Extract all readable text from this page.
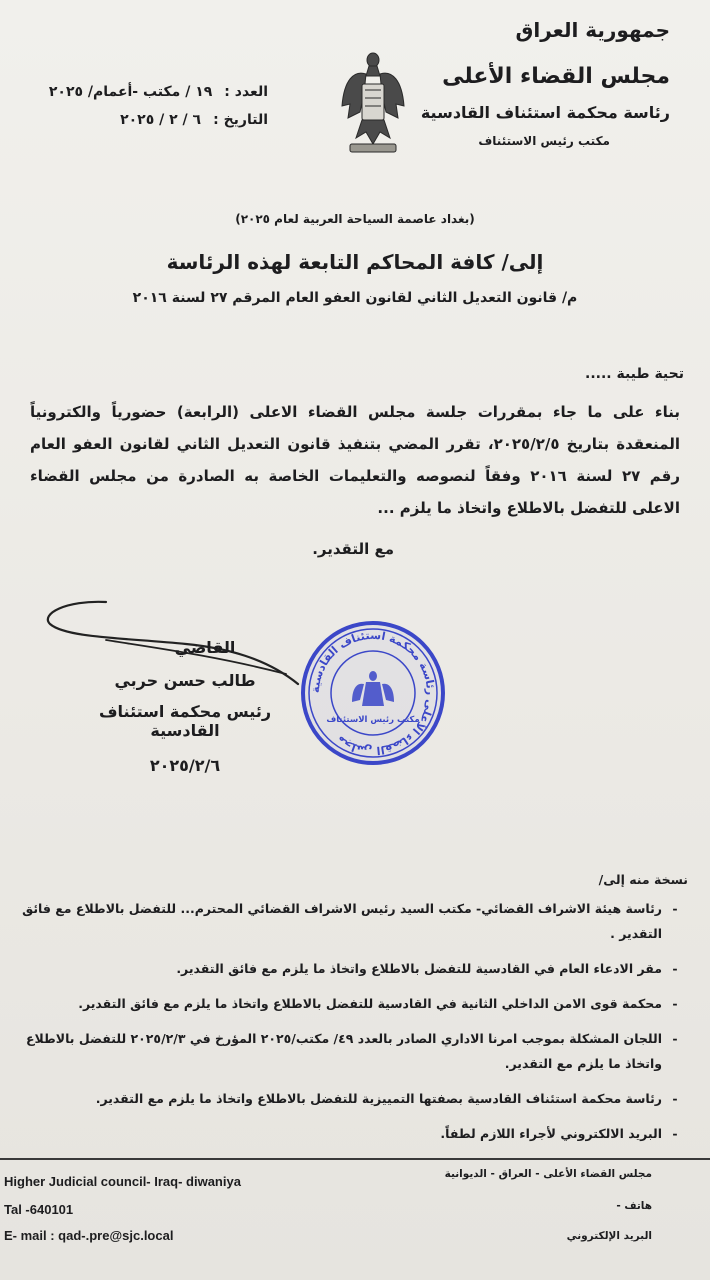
جمهورية العراق
مجلس القضاء الأعلى
رئاسة محكمة استئناف القادسية
مكتب رئيس الاستئناف
العدد :
١٩ / مكتب -أعمام/ ٢٠٢٥
التاريخ :
٦ / ٢ / ٢٠٢٥
(بغداد عاصمة السياحة العربية لعام ٢٠٢٥)
إلى/ كافة المحاكم التابعة لهذه الرئاسة
م/ قانون التعديل الثاني لقانون العفو العام المرقم ٢٧ لسنة ٢٠١٦
تحية طيبة .....
بناء على ما جاء بمقررات جلسة مجلس القضاء الاعلى (الرابعة) حضورياً والكترونياً المنعقدة بتاريخ ٢٠٢٥/٢/٥، تقرر المضي بتنفيذ قانون التعديل الثاني لقانون العفو العام رقم ٢٧ لسنة ٢٠١٦ وفقاً لنصوصه والتعليمات الخاصة به الصادرة من مجلس القضاء الاعلى للتفضل بالاطلاع واتخاذ ما يلزم ...
مع التقدير.
القاضي
طالب حسن حربي
رئيس محكمة استئناف القادسية
٢٠٢٥/٢/٦
مجلس القضاء الأعلى رئاسة محكمة استئناف القادسية
مكتب رئيس الاستئناف
نسخة منه إلى/
-
رئاسة هيئة الاشراف القضائي- مكتب السيد رئيس الاشراف القضائي المحترم... للتفضل بالاطلاع مع فائق التقدير .
-
مقر الادعاء العام في القادسية للتفضل بالاطلاع واتخاذ ما يلزم مع فائق التقدير.
-
محكمة قوى الامن الداخلي الثانية في القادسية للتفضل بالاطلاع واتخاذ ما يلزم مع فائق التقدير.
-
اللجان المشكلة بموجب امرنا الاداري الصادر بالعدد ٤٩/ مكتب/٢٠٢٥ المؤرخ في ٢٠٢٥/٢/٣ للتفضل بالاطلاع واتخاذ ما يلزم مع التقدير.
-
رئاسة محكمة استئناف القادسية بصفتها التمييزية للتفضل بالاطلاع واتخاذ ما يلزم مع التقدير.
-
البريد الالكتروني لأجراء اللازم لطفاً.
Higher Judicial council- Iraq- diwaniya
Tal -640101
E- mail : qad-.pre@sjc.local
مجلس القضاء الأعلى - العراق - الديوانية
هاتف -
البريد الإلكتروني
